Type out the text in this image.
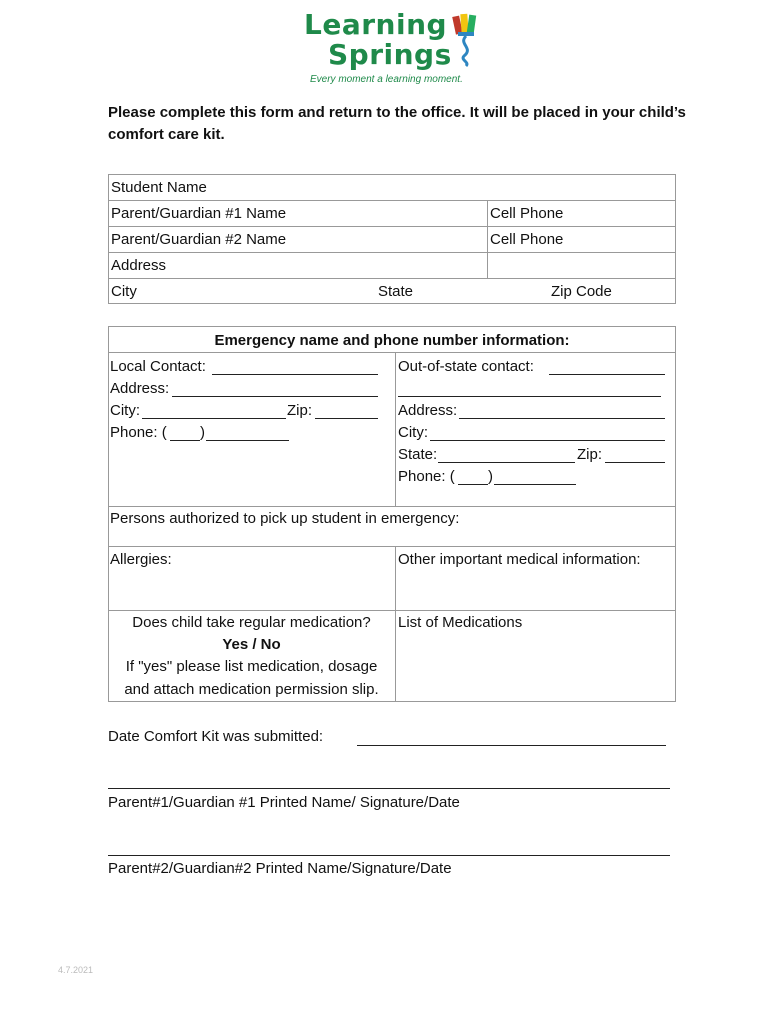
Learning
Springs
Every moment a learning moment.
Please complete this form and return to the office. It will be placed in your child’s comfort care kit.
Student Name
Parent/Guardian #1 Name	Cell Phone
Parent/Guardian #2 Name	Cell Phone
Address
City	State	Zip Code
Emergency name and phone number information:
Local Contact:
Address:
City:	Zip:
Phone: ( )
Out-of-state contact:
Address:
City:
State:	Zip:
Phone: ( )
Persons authorized to pick up student in emergency:
Allergies:	Other important medical information:
Does child take regular medication?
Yes / No
If "yes" please list medication, dosage
and attach medication permission slip.
List of Medications
Date Comfort Kit was submitted:
Parent#1/Guardian #1 Printed Name/ Signature/Date
Parent#2/Guardian#2 Printed Name/Signature/Date
4.7.2021
